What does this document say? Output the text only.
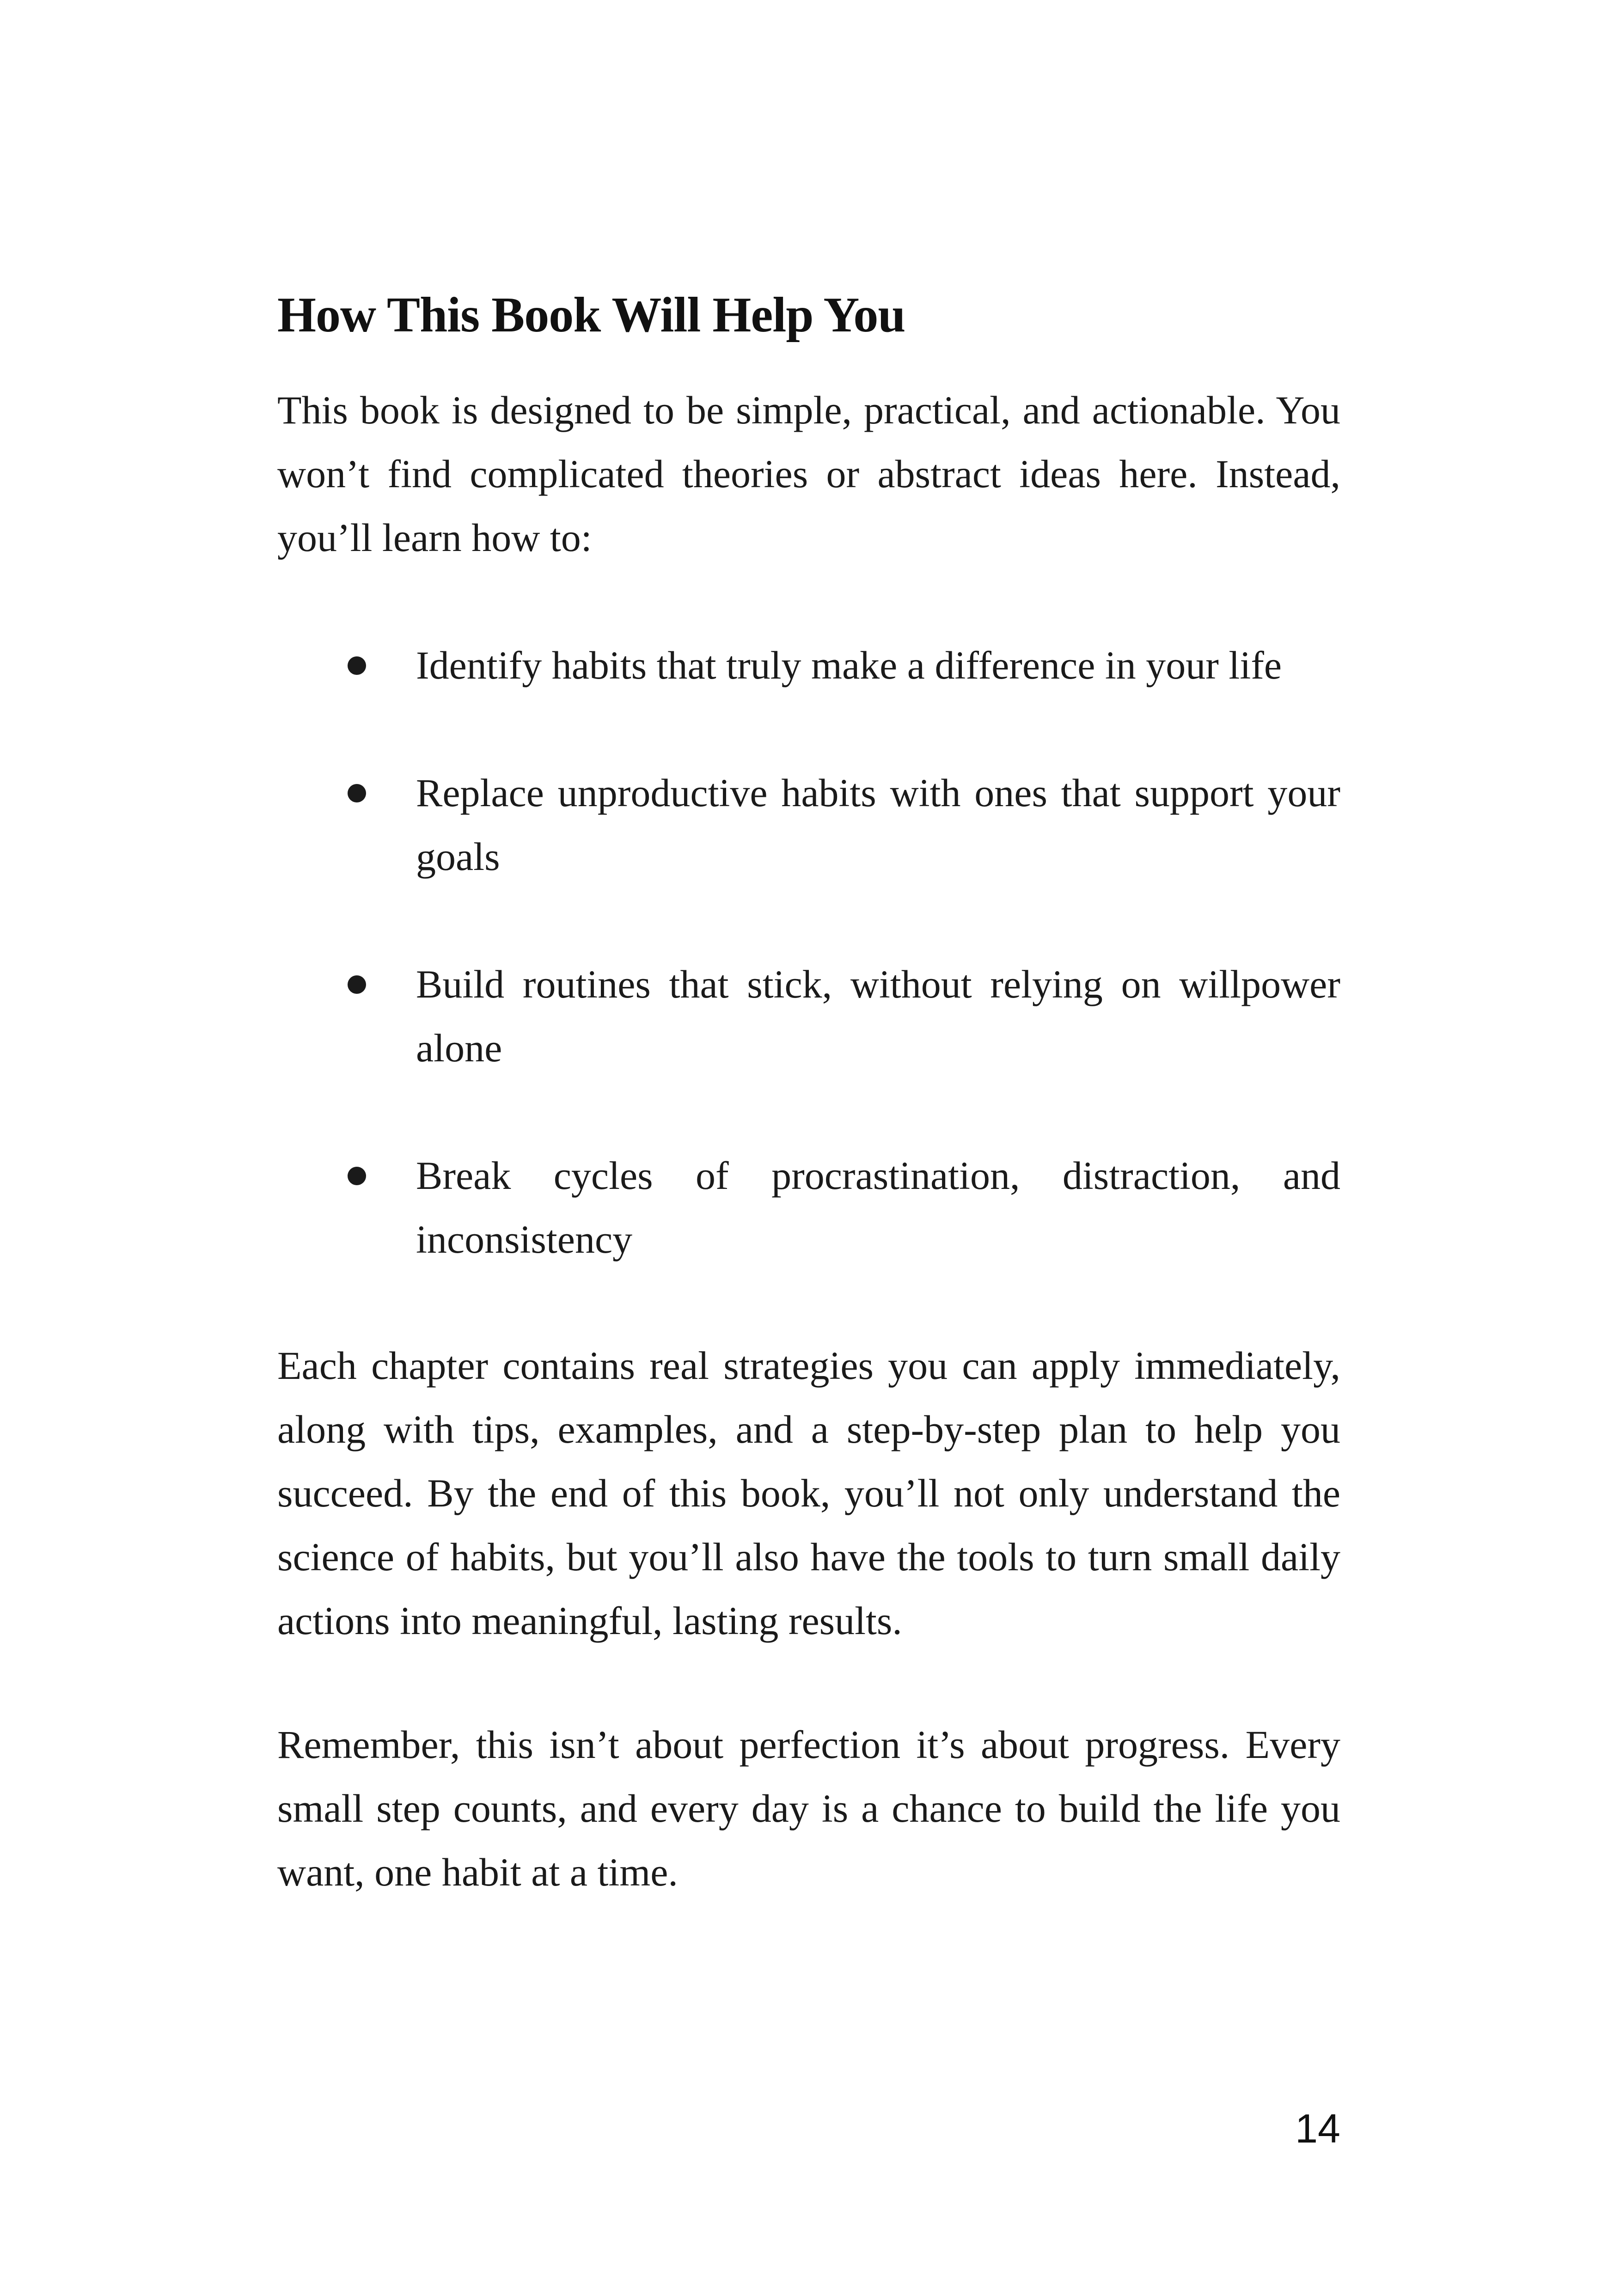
How This Book Will Help You

This book is designed to be simple, practical, and actionable. You won’t find complicated theories or abstract ideas here. Instead, you’ll learn how to:

Identify habits that truly make a difference in your life
Replace unproductive habits with ones that support your goals
Build routines that stick, without relying on willpower alone
Break cycles of procrastination, distraction, and inconsistency

Each chapter contains real strategies you can apply immediately, along with tips, examples, and a step-by-step plan to help you succeed. By the end of this book, you’ll not only understand the science of habits, but you’ll also have the tools to turn small daily actions into meaningful, lasting results.

Remember, this isn’t about perfection it’s about progress. Every small step counts, and every day is a chance to build the life you want, one habit at a time.

14
